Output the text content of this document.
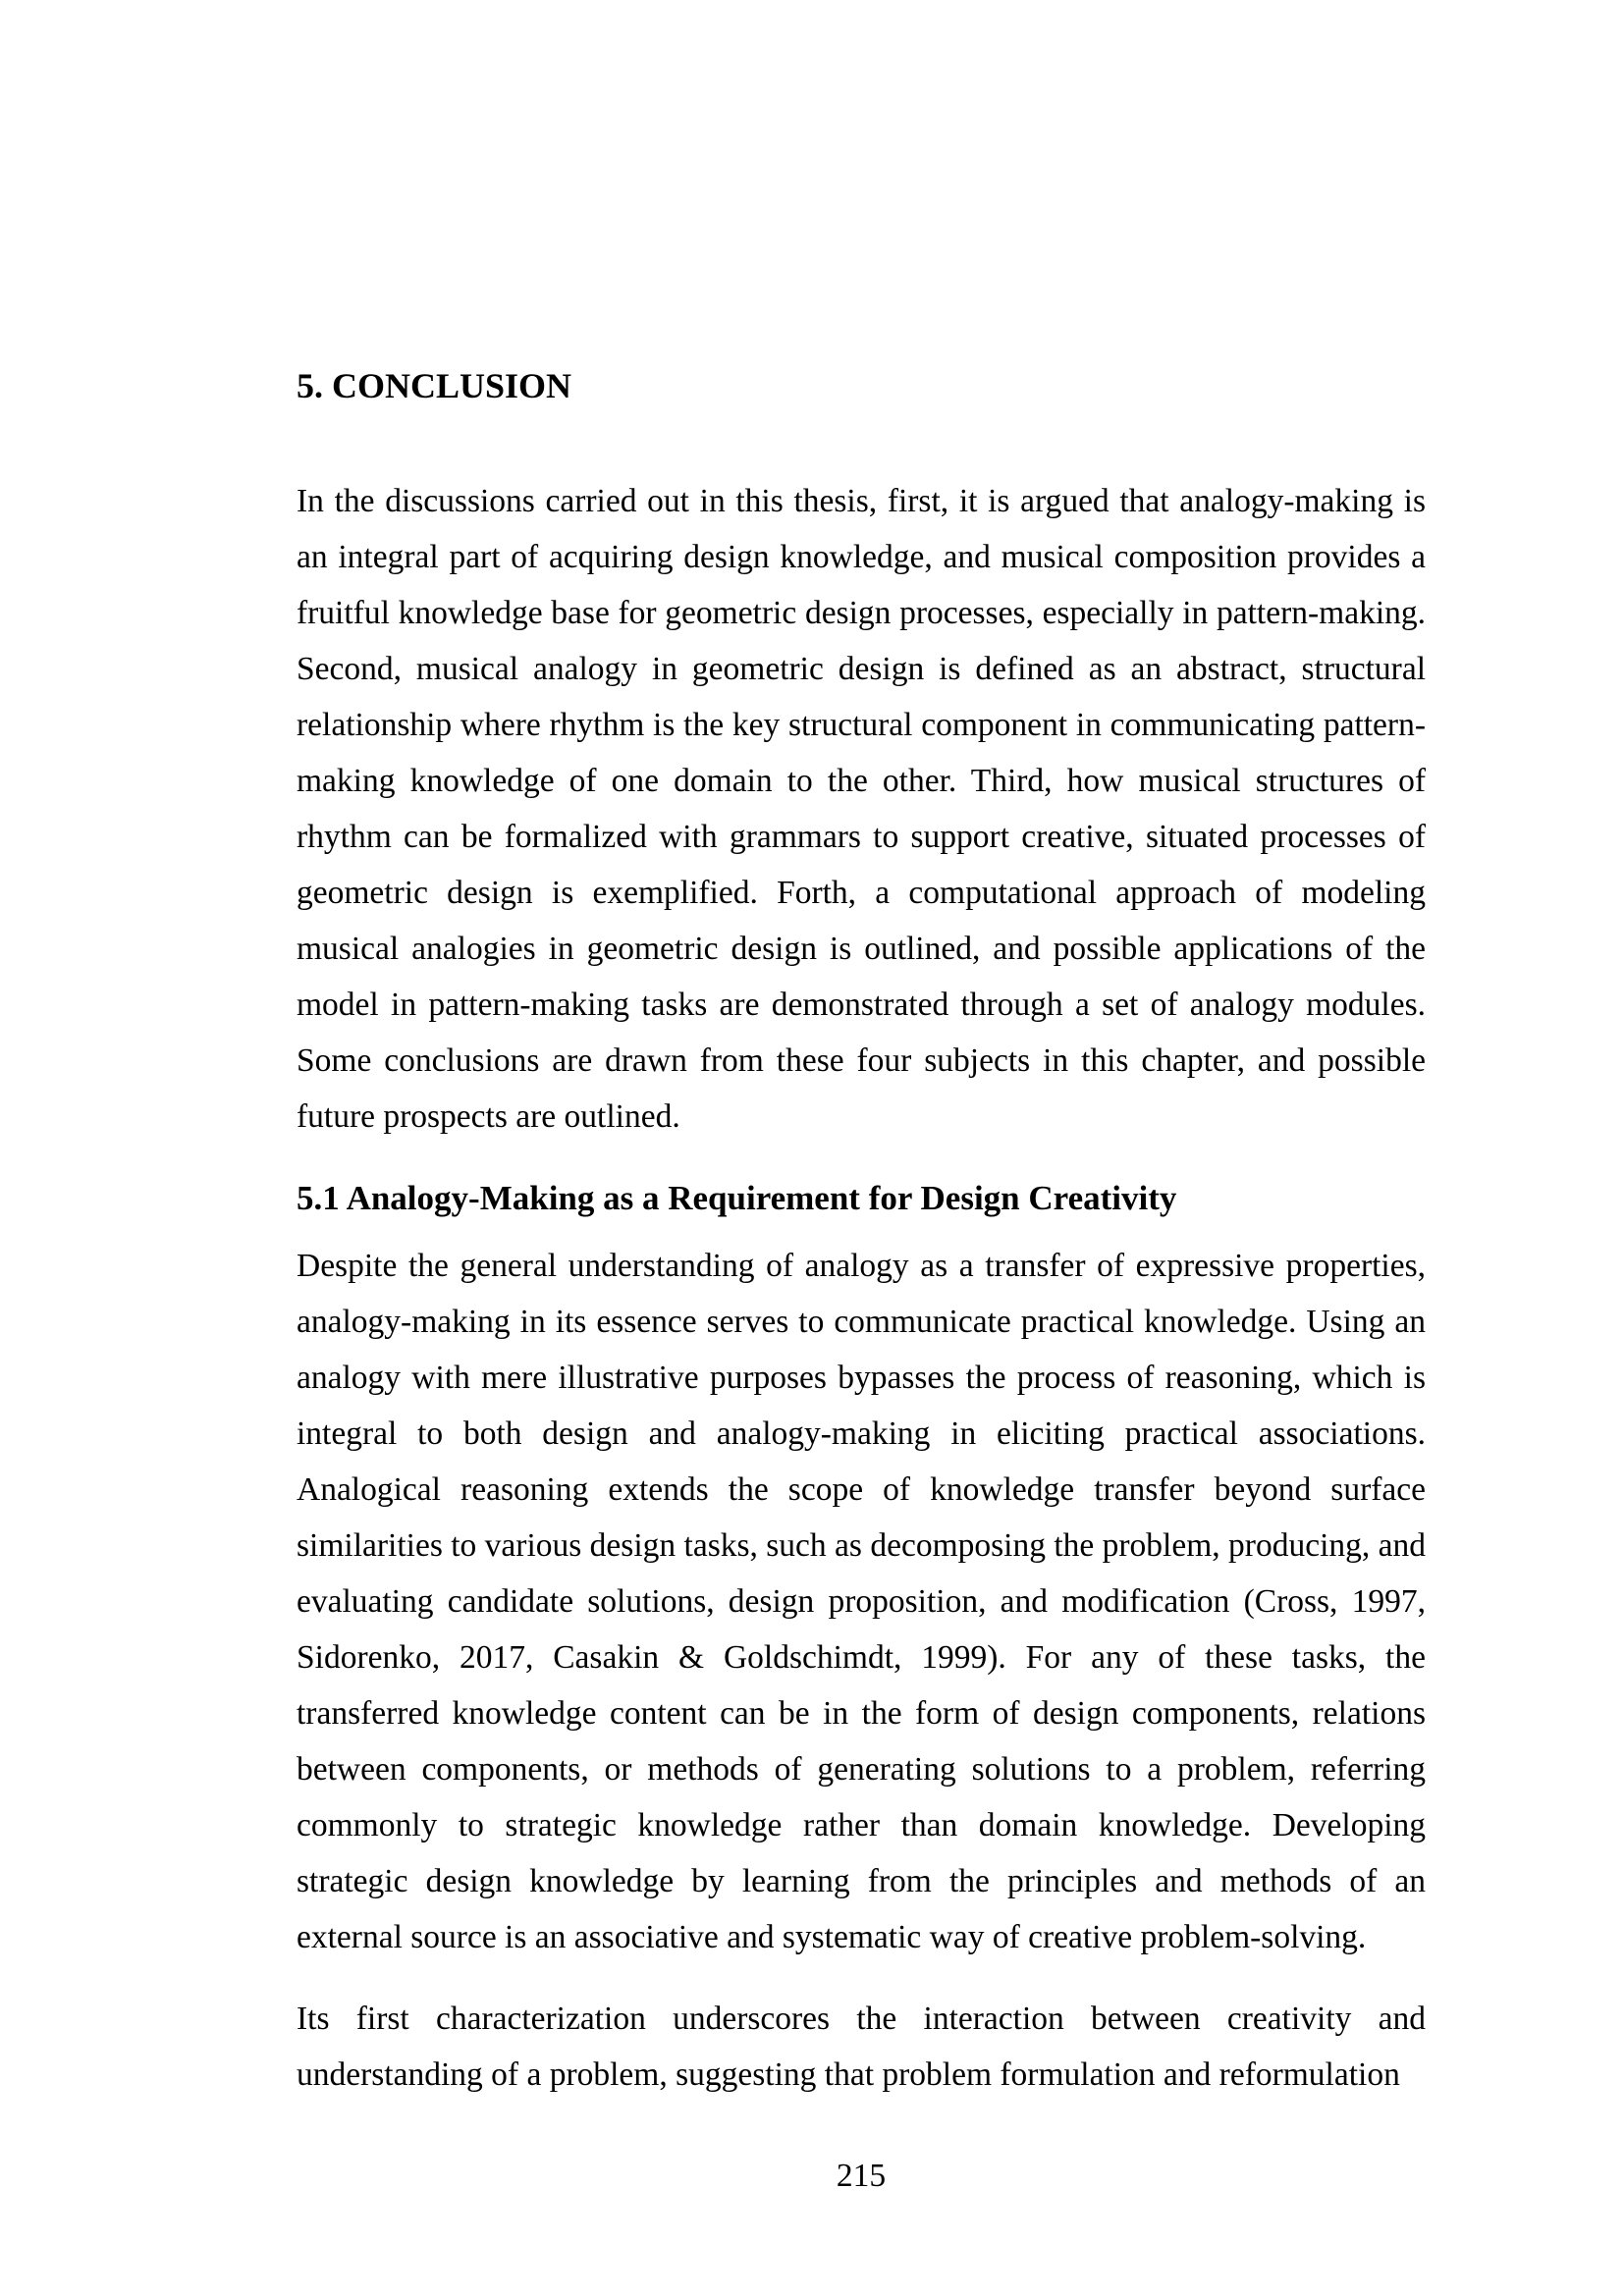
5. CONCLUSION

In the discussions carried out in this thesis, first, it is argued that analogy-making is an integral part of acquiring design knowledge, and musical composition provides a fruitful knowledge base for geometric design processes, especially in pattern-making. Second, musical analogy in geometric design is defined as an abstract, structural relationship where rhythm is the key structural component in communicating pattern-making knowledge of one domain to the other. Third, how musical structures of rhythm can be formalized with grammars to support creative, situated processes of geometric design is exemplified. Forth, a computational approach of modeling musical analogies in geometric design is outlined, and possible applications of the model in pattern-making tasks are demonstrated through a set of analogy modules. Some conclusions are drawn from these four subjects in this chapter, and possible future prospects are outlined.

5.1 Analogy-Making as a Requirement for Design Creativity

Despite the general understanding of analogy as a transfer of expressive properties, analogy-making in its essence serves to communicate practical knowledge. Using an analogy with mere illustrative purposes bypasses the process of reasoning, which is integral to both design and analogy-making in eliciting practical associations. Analogical reasoning extends the scope of knowledge transfer beyond surface similarities to various design tasks, such as decomposing the problem, producing, and evaluating candidate solutions, design proposition, and modification (Cross, 1997, Sidorenko, 2017, Casakin & Goldschimdt, 1999). For any of these tasks, the transferred knowledge content can be in the form of design components, relations between components, or methods of generating solutions to a problem, referring commonly to strategic knowledge rather than domain knowledge. Developing strategic design knowledge by learning from the principles and methods of an external source is an associative and systematic way of creative problem-solving.

Its first characterization underscores the interaction between creativity and understanding of a problem, suggesting that problem formulation and reformulation

215
